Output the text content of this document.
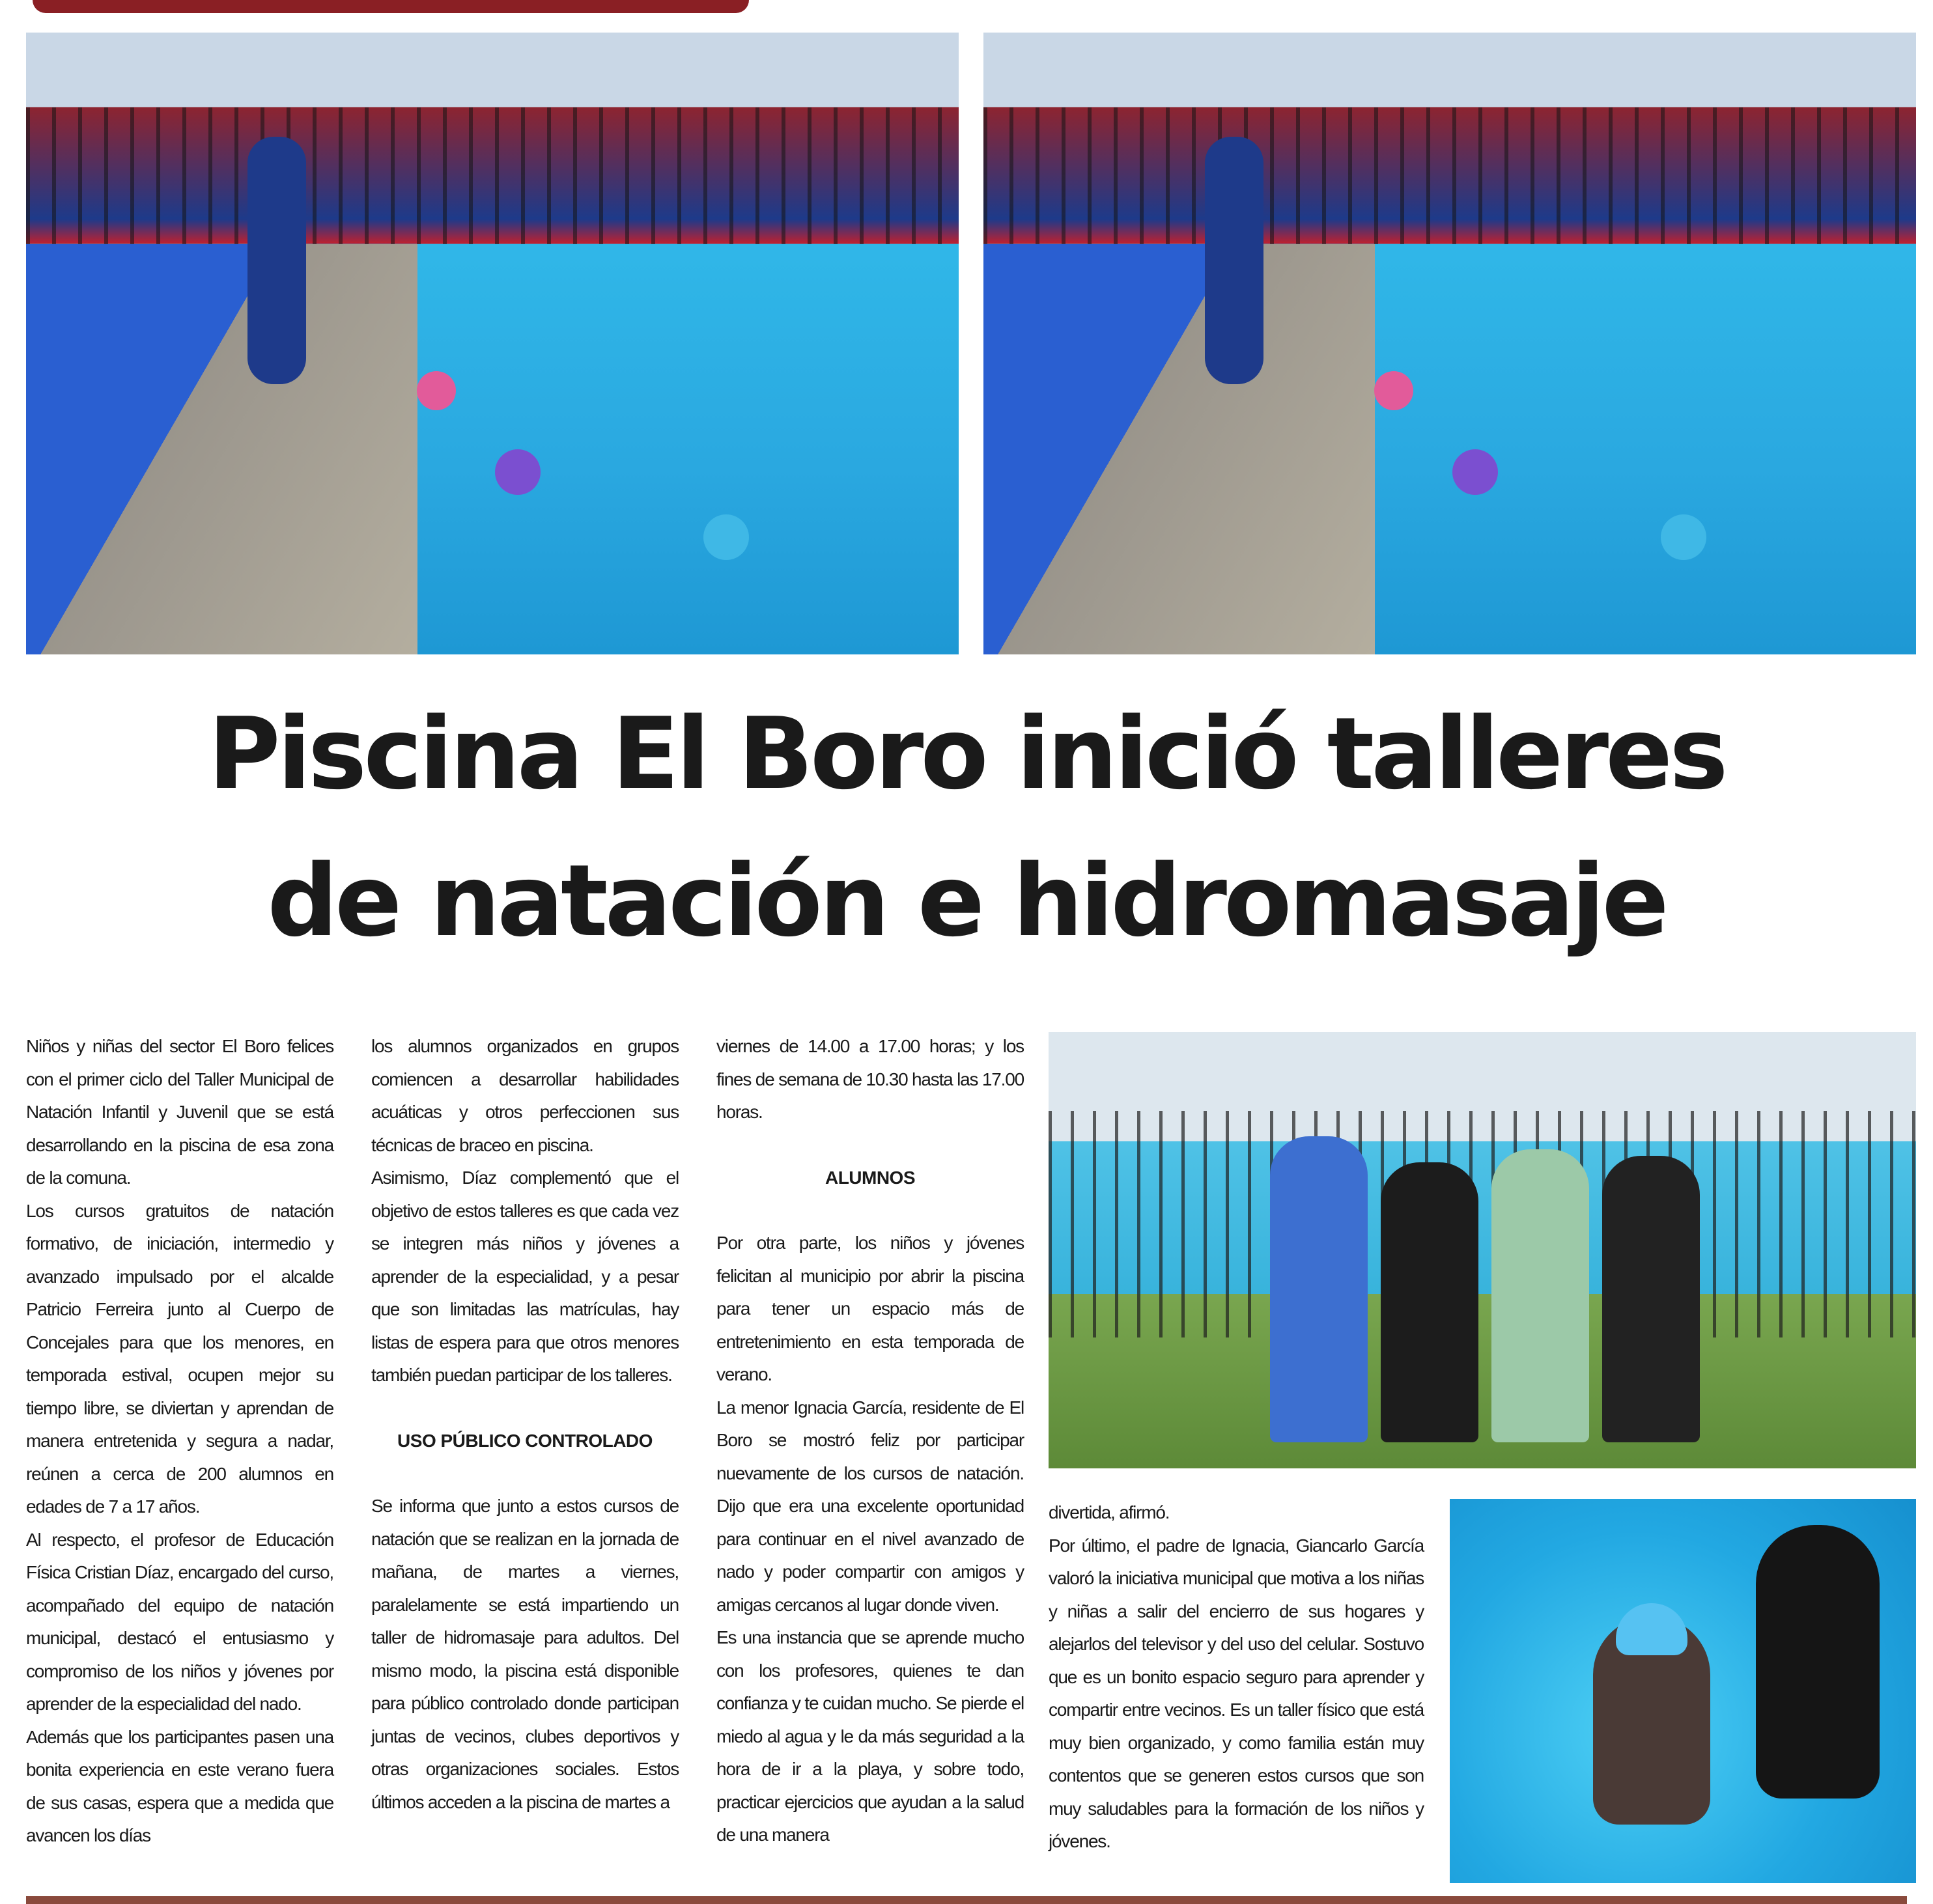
Piscina El Boro inició talleres
de natación e hidromasaje

Niños y niñas del sector El Boro felices con el primer ciclo del Taller Municipal de Natación Infantil y Juvenil que se está desarrollando en la piscina de esa zona de la comuna.

Los cursos gratuitos de natación formativo, de iniciación, intermedio y avanzado impulsado por el alcalde Patricio Ferreira junto al Cuerpo de Concejales para que los menores, en temporada estival, ocupen mejor su tiempo libre, se diviertan y aprendan de manera entretenida y segura a nadar, reúnen a cerca de 200 alumnos en edades de 7 a 17 años.

Al respecto, el profesor de Educación Física Cristian Díaz, encargado del curso, acompañado del equipo de natación municipal, destacó el entusiasmo y compromiso de los niños y jóvenes por aprender de la especialidad del nado.

Además que los participantes pasen una bonita experiencia en este verano fuera de sus casas, espera que a medida que avancen los días

los alumnos organizados en grupos comiencen a desarrollar habilidades acuáticas y otros perfeccionen sus técnicas de braceo en piscina.

Asimismo, Díaz complementó que el objetivo de estos talleres es que cada vez se integren más niños y jóvenes a aprender de la especialidad, y a pesar que son limitadas las matrículas, hay listas de espera para que otros menores también puedan participar de los talleres.

USO PÚBLICO CONTROLADO

Se informa que junto a estos cursos de natación que se realizan en la jornada de mañana, de martes a viernes, paralelamente se está impartiendo un taller de hidromasaje para adultos. Del mismo modo, la piscina está disponible para público controlado donde participan juntas de vecinos, clubes deportivos y otras organizaciones sociales. Estos últimos acceden a la piscina de martes a

viernes de 14.00 a 17.00 horas; y los fines de semana de 10.30 hasta las 17.00 horas.

ALUMNOS

Por otra parte, los niños y jóvenes felicitan al municipio por abrir la piscina para tener un espacio más de entretenimiento en esta temporada de verano.

La menor Ignacia García, residente de El Boro se mostró feliz por participar nuevamente de los cursos de natación. Dijo que era una excelente oportunidad para continuar en el nivel avanzado de nado y poder compartir con amigos y amigas cercanos al lugar donde viven.

Es una instancia que se aprende mucho con los profesores, quienes te dan confianza y te cuidan mucho. Se pierde el miedo al agua y le da más seguridad a la hora de ir a la playa, y sobre todo, practicar ejercicios que ayudan a la salud de una manera

divertida, afirmó.

Por último, el padre de Ignacia, Giancarlo García valoró la iniciativa municipal que motiva a los niñas y niñas a salir del encierro de sus hogares y alejarlos del televisor y del uso del celular. Sostuvo que es un bonito espacio seguro para aprender y compartir entre vecinos. Es un taller físico que está muy bien organizado, y como familia están muy contentos que se generen estos cursos que son muy saludables para la formación de los niños y jóvenes.
